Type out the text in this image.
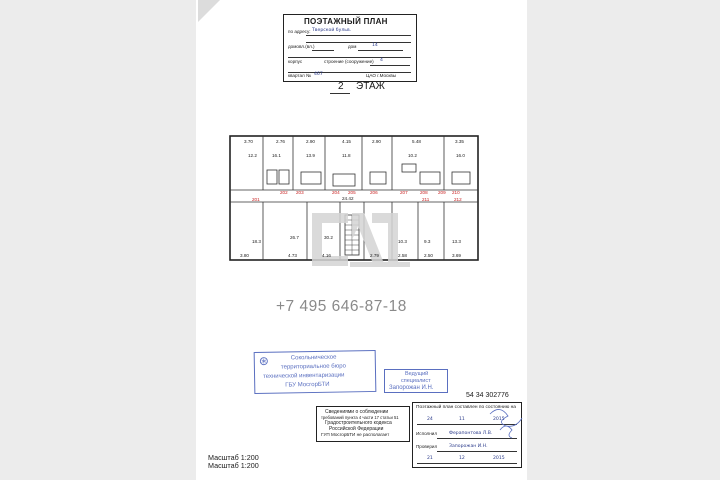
ПОЭТАЖНЫЙ ПЛАН
по адресу: Тверской бульв.
домовл.(вл.)	дом	14
корпус	строение (сооружение) 4
квартал № 467	ЦАО г.Москвы
2 ЭТАЖ
3.70	2.76	2.90	4.15	2.90	5.48	3.35
3.80	4.73	4.16	2.79	2.58	2.50	3.69
201
202 203	204 205	206	207	208 209 210
211	212
12.2	16.1	13.9	11.8	10.2	16.0
18.3
26.7	30.2
10.3	9.3	13.3
24.42
+7 495 646-87-18
Сокольническое
территориальное бюро
технической инвентаризации
ГБУ МосгорБТИ
⊛
Ведущий
специалист
Запорожан И.Н.
54 34 302776
Сведениями о соблюдении
требований пункта 4 части 17 статьи 51
Градостроительного кодекса
Российской Федерации
ГУП МосгорБТИ не располагает
Поэтажный план составлен по состоянию на
24	11	2015
Исполнил	Ферапонтова Л.В.
Проверил	Запорожан И.Н.
21	12	2015
Масштаб 1:200
Масштаб 1:200
